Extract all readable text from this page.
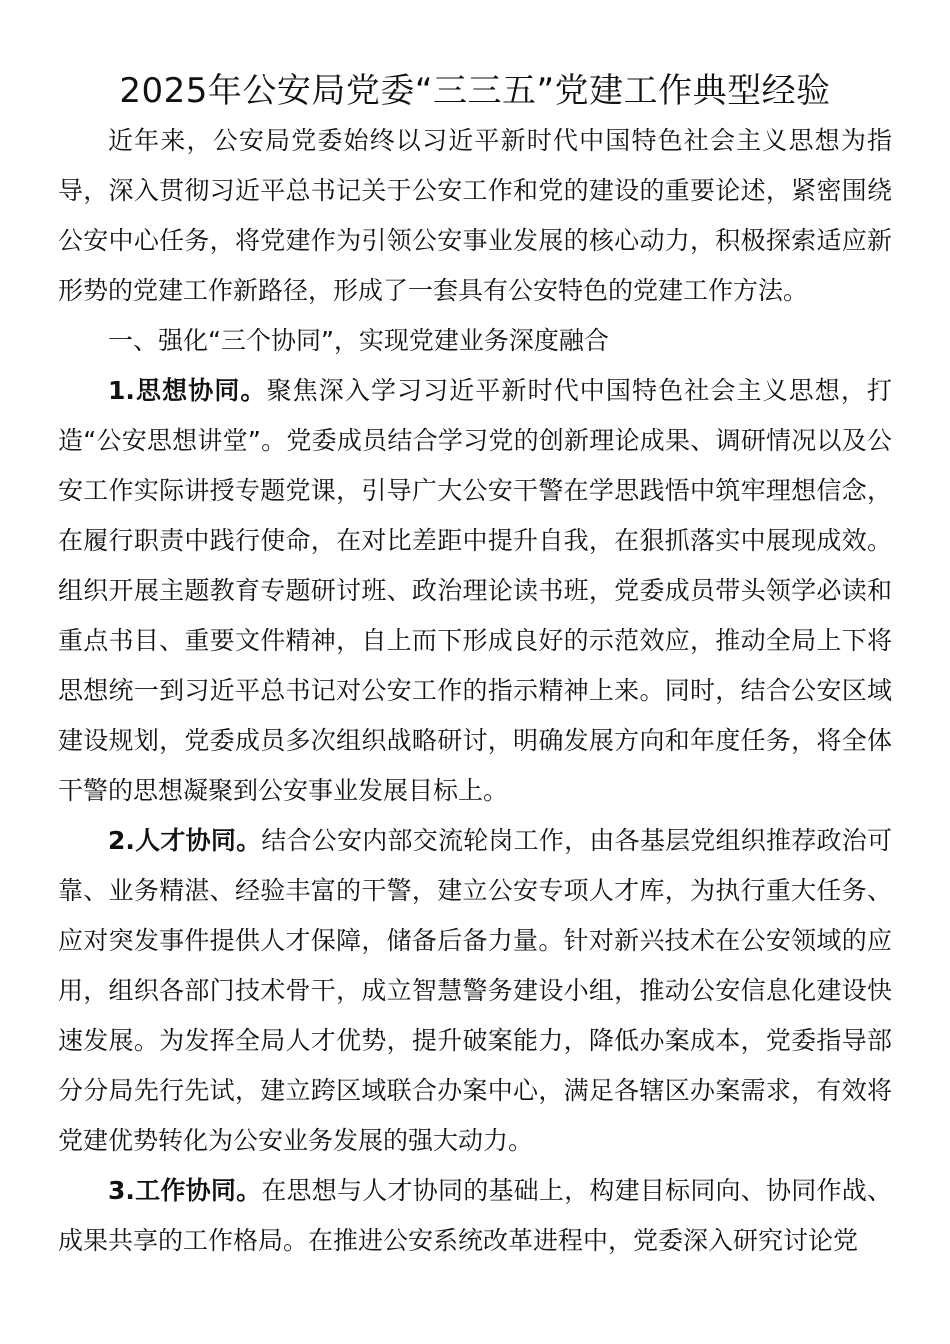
2025年公安局党委“三三五”党建工作典型经验

近年来，公安局党委始终以习近平新时代中国特色社会主义思想为指导，深入贯彻习近平总书记关于公安工作和党的建设的重要论述，紧密围绕公安中心任务，将党建作为引领公安事业发展的核心动力，积极探索适应新形势的党建工作新路径，形成了一套具有公安特色的党建工作方法。

一、强化“三个协同”，实现党建业务深度融合

1.思想协同。聚焦深入学习习近平新时代中国特色社会主义思想，打造“公安思想讲堂”。党委成员结合学习党的创新理论成果、调研情况以及公安工作实际讲授专题党课，引导广大公安干警在学思践悟中筑牢理想信念，在履行职责中践行使命，在对比差距中提升自我，在狠抓落实中展现成效。组织开展主题教育专题研讨班、政治理论读书班，党委成员带头领学必读和重点书目、重要文件精神，自上而下形成良好的示范效应，推动全局上下将思想统一到习近平总书记对公安工作的指示精神上来。同时，结合公安区域建设规划，党委成员多次组织战略研讨，明确发展方向和年度任务，将全体干警的思想凝聚到公安事业发展目标上。

2.人才协同。结合公安内部交流轮岗工作，由各基层党组织推荐政治可靠、业务精湛、经验丰富的干警，建立公安专项人才库，为执行重大任务、应对突发事件提供人才保障，储备后备力量。针对新兴技术在公安领域的应用，组织各部门技术骨干，成立智慧警务建设小组，推动公安信息化建设快速发展。为发挥全局人才优势，提升破案能力，降低办案成本，党委指导部分分局先行先试，建立跨区域联合办案中心，满足各辖区办案需求，有效将党建优势转化为公安业务发展的强大动力。

3.工作协同。在思想与人才协同的基础上，构建目标同向、协同作战、成果共享的工作格局。在推进公安系统改革进程中，党委深入研究讨论党
